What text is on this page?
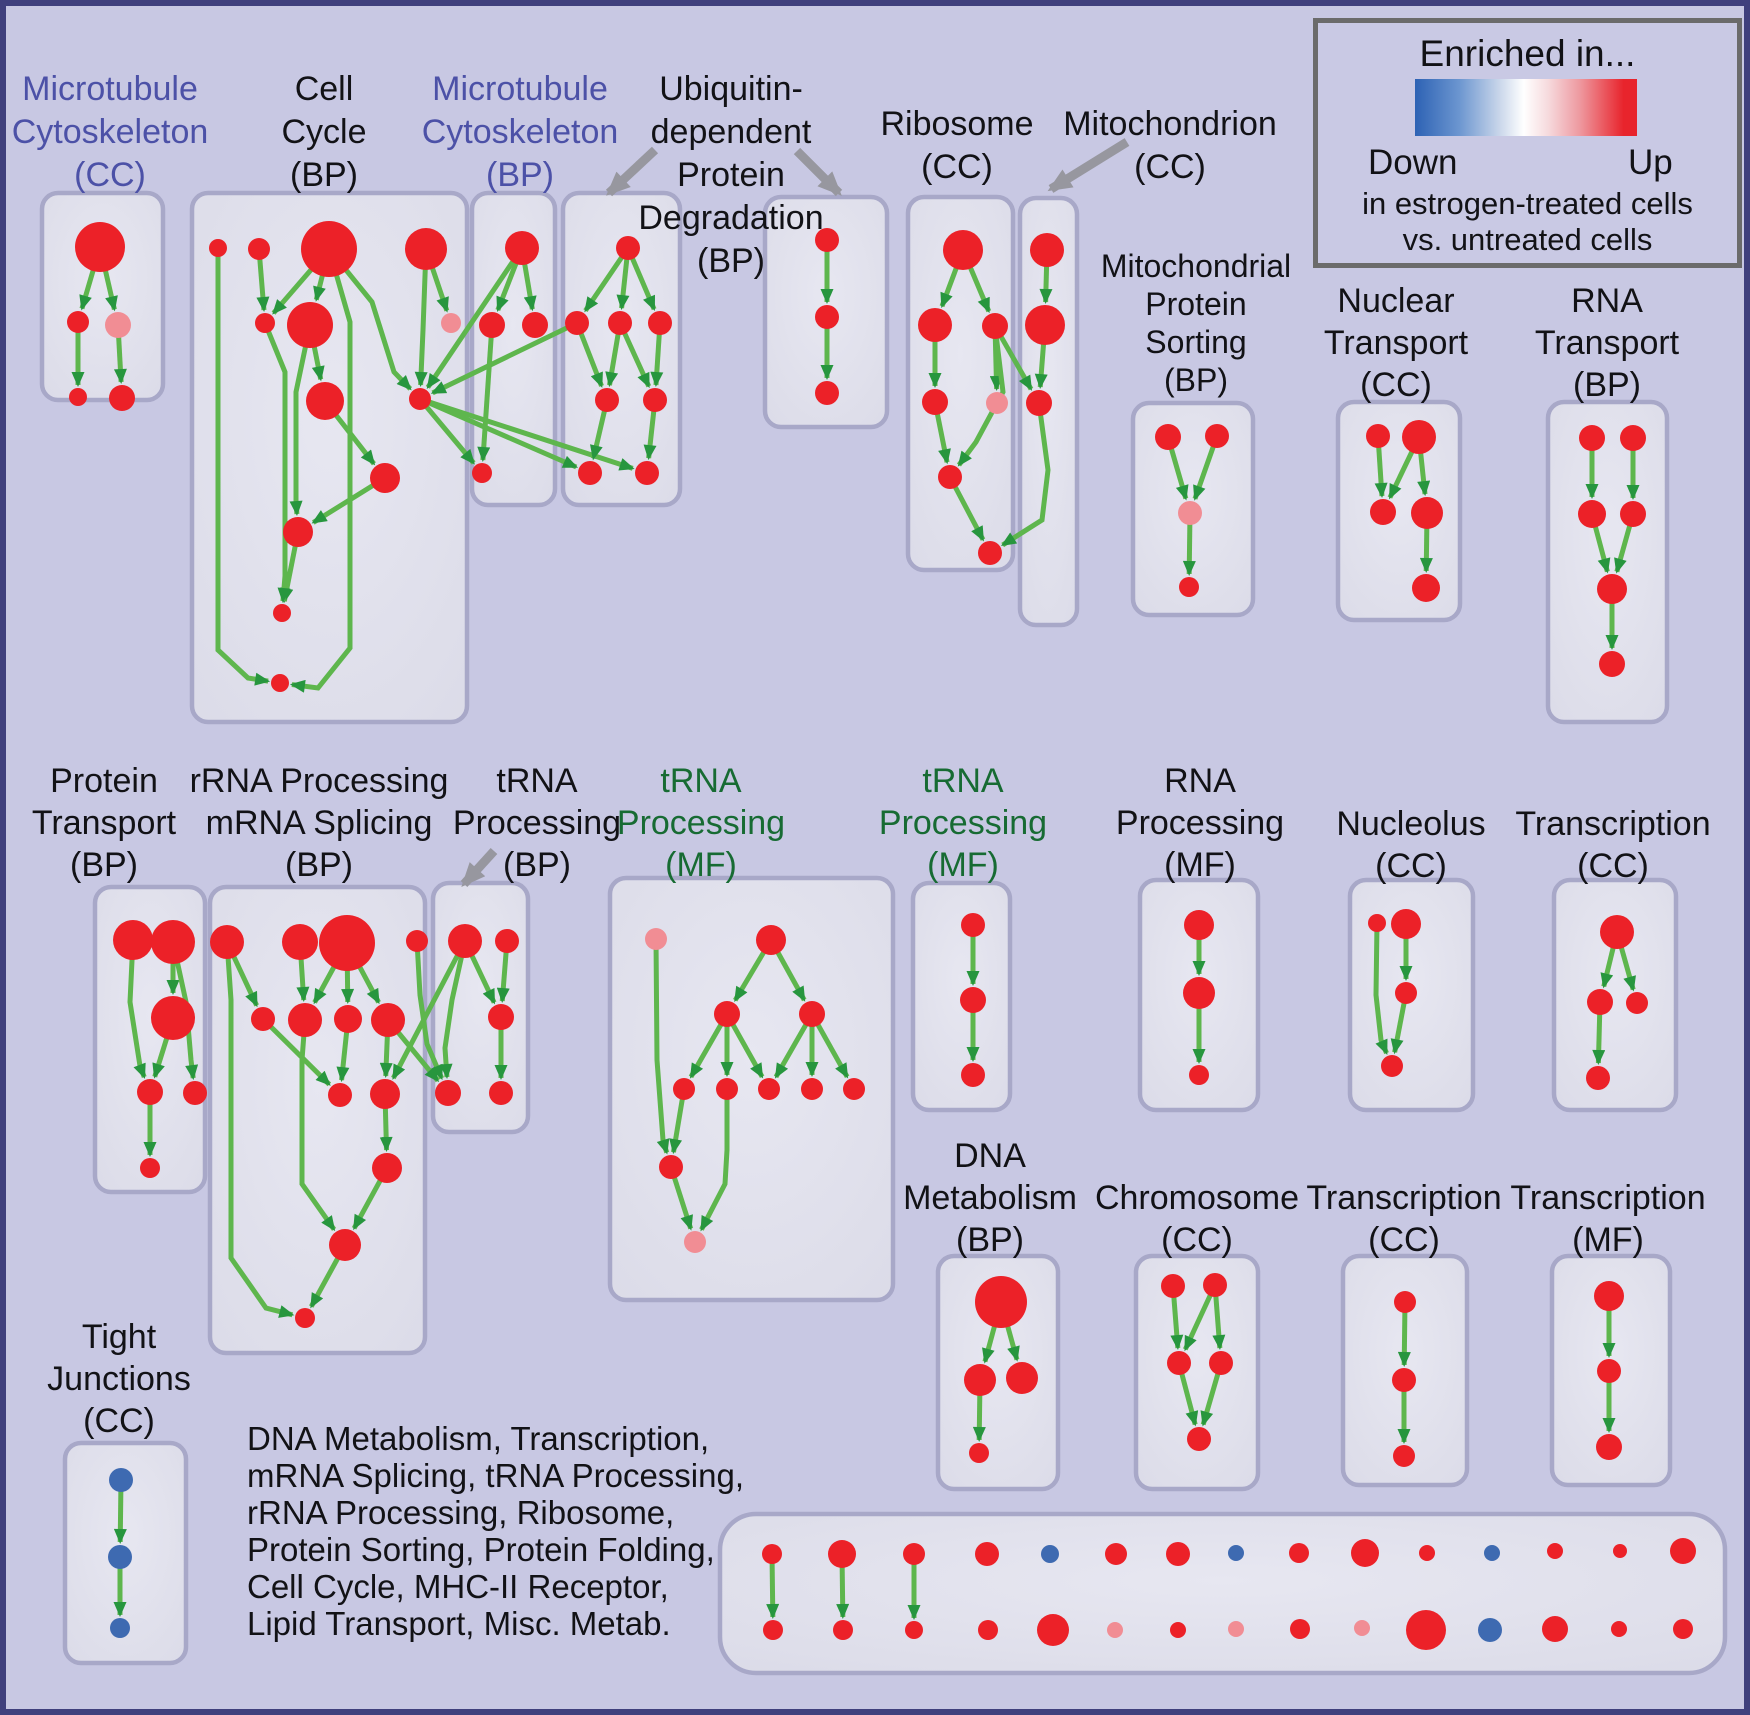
Microtubule
Cytoskeleton
(CC)
Cell
Cycle
(BP)
Microtubule
Cytoskeleton
(BP)
Ubiquitin-
dependent
Protein
Degradation
(BP)
Ribosome
(CC)
Mitochondrion
(CC)
Mitochondrial
Protein
Sorting
(BP)
Nuclear
Transport
(CC)
RNA
Transport
(BP)
Protein
Transport
(BP)
rRNA Processing
mRNA Splicing
(BP)
tRNA
Processing
(BP)
tRNA
Processing
(MF)
tRNA
Processing
(MF)
RNA
Processing
(MF)
Nucleolus
(CC)
Transcription
(CC)
DNA
Metabolism
(BP)
Chromosome
(CC)
Transcription
(CC)
Transcription
(MF)
Tight
Junctions
(CC)
Enriched in...
Down	Up
in estrogen-treated cells
vs. untreated cells
DNA Metabolism, Transcription,
mRNA Splicing, tRNA Processing,
rRNA Processing, Ribosome,
Protein Sorting, Protein Folding,
Cell Cycle, MHC-II Receptor,
Lipid Transport, Misc. Metab.
